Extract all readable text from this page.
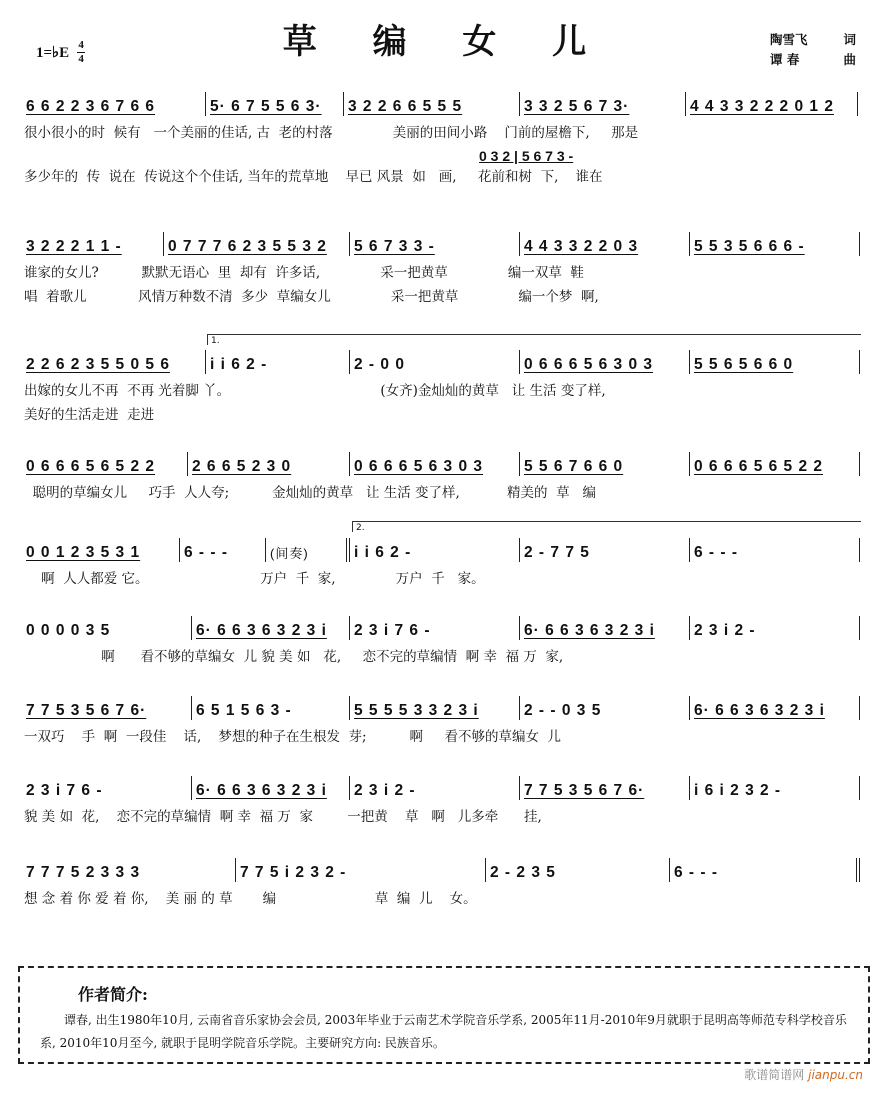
草 编 女 儿
1=♭E $\frac{4}{4}$
陶雪飞	词
谭 春	曲
6 6 2 2 3 6 7 6 6	5· 6 7 5 5 6 3· 3 2 2 6 6 5 5 5	3 3 2 5 6 7 3·	4 4 3 3 2 2 2 0 1 2
很小很小的时  候有   一个美丽的佳话, 古  老的村落              美丽的田间小路    门前的屋檐下,     那是
0 3 2 | 5 6 7 3 -
多少年的  传  说在  传说这个个佳话, 当年的荒草地    早已 风景  如   画,     花前和树  下,    谁在
3 2 2 2 1 1 -	0 7 7 7 6 2 3 5 5 3 2 5 6 7 3 3 -	4 4 3 3 2 2 0 3	5 5 3 5 6 6 6 -
谁家的女儿?          默默无语心  里  却有  许多话,              采一把黄草              编一双草  鞋
唱  着歌儿            风情万种数不清  多少  草编女儿              采一把黄草              编一个梦  啊,
1.
2 2 6 2 3 5 5 0 5 6	i i 6 2 -	2 - 0 0	0 6 6 6 5 6 3 0 3	5 5 6 5 6 6 0
出嫁的女儿不再  不再 光着脚 丫。                                   (女齐)金灿灿的黄草   让 生活 变了样,
美好的生活走进  走进
0 6 6 6 5 6 5 2 2 2 6 6 5 2 3 0	0 6 6 6 5 6 3 0 3	5 5 6 7 6 6 0	0 6 6 6 5 6 5 2 2
聪明的草编女儿     巧手  人人夸;          金灿灿的黄草   让 生活 变了样,           精美的  草   编
2.
0 0 1 2 3 5 3 1	6 - - -	(间奏)	i i 6 2 -	2 - 7 7 5	6 - - -
啊  人人都爱 它。                          万户  千  家,              万户  千   家。
0 0 0 0 3 5	6· 6 6 3 6 3 2 3 i 2 3 i 7 6 -	6· 6 6 3 6 3 2 3 i	2 3 i 2 -
啊      看不够的草编女  儿 貌 美 如   花,     恋不完的草编情  啊 幸  福 万  家,
7 7 5 3 5 6 7 6·	6 5 1 5 6 3 -	5 5 5 5 3 3 2 3 i	2 - - 0 3 5	6· 6 6 3 6 3 2 3 i
一双巧    手  啊  一段佳    话,    梦想的种子在生根发  芽;          啊     看不够的草编女  儿
2 3 i 7 6 -	6· 6 6 3 6 3 2 3 i 2 3 i 2 -	7 7 5 3 5 6 7 6·	i 6 i 2 3 2 -
貌 美 如  花,    恋不完的草编情  啊 幸  福 万  家        一把黄    草   啊   儿多牵      挂,
7 7 7 5 2 3 3 3	7 7 5 i 2 3 2 -	2 - 2 3 5	6 - - -
想 念 着 你 爱 着 你,    美 丽 的 草       编                       草  编  儿    女。
作者简介:
谭春, 出生1980年10月, 云南省音乐家协会会员, 2003年毕业于云南艺术学院音乐学系, 2005年11月-2010年9月就职于昆明高等师范专科学校音乐系, 2010年10月至今, 就职于昆明学院音乐学院。主要研究方向: 民族音乐。
歌谱简谱网 jianpu.cn
